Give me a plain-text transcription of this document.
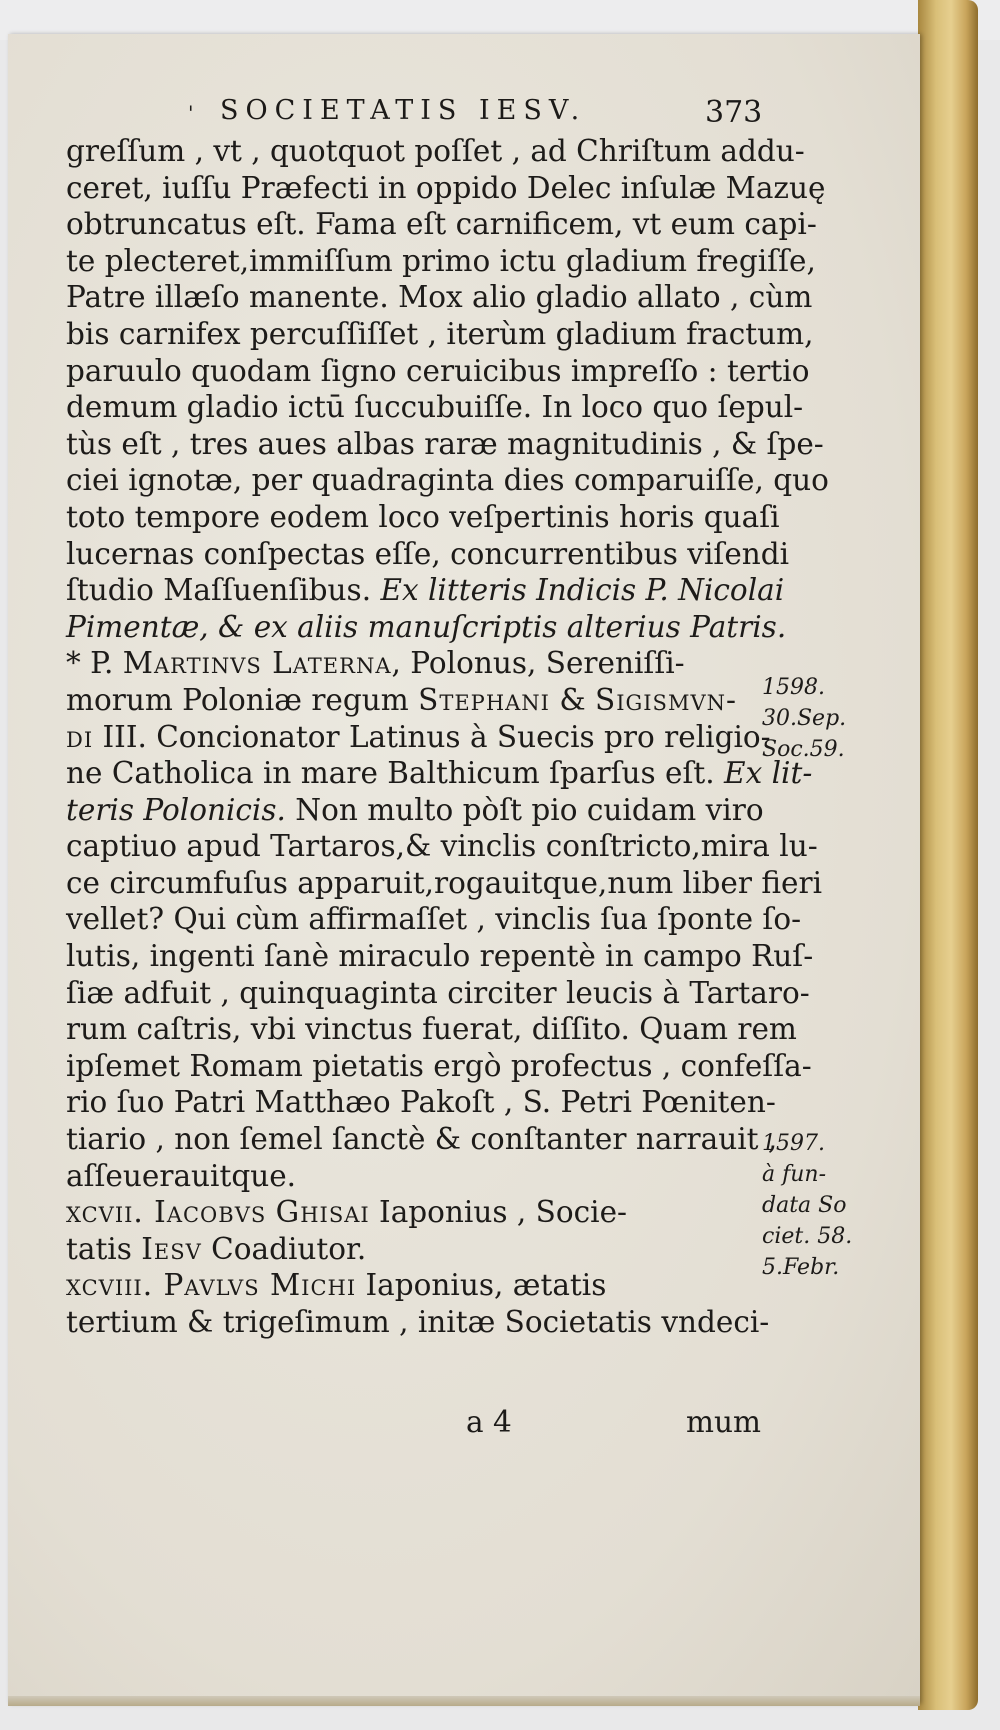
' SOCIETATIS IESV.	373
greſſum , vt , quotquot poſſet , ad Chriſtum addu-
ceret, iuſſu Præfecti in oppido Delec inſulæ Mazuę
obtruncatus eſt. Fama eſt carnificem, vt eum capi-
te plecteret,immiſſum primo ictu gladium fregiſſe,
Patre illæſo manente. Mox alio gladio allato , cùm
bis carnifex percuſſiſſet , iterùm gladium fractum,
paruulo quodam ſigno ceruicibus impreſſo : tertio
demum gladio ictū ſuccubuiſſe. In loco quo ſepul-
tùs eſt , tres aues albas raræ magnitudinis , & ſpe-
ciei ignotæ, per quadraginta dies comparuiſſe, quo
toto tempore eodem loco veſpertinis horis quaſi
lucernas conſpectas eſſe, concurrentibus viſendi
ſtudio Maſſuenſibus. Ex litteris Indicis P. Nicolai
Pimentæ, & ex aliis manuſcriptis alterius Patris.
* P. Martinvs Laterna, Polonus, Sereniſſi-
morum Poloniæ regum Stephani & Sigismvn-
di III. Concionator Latinus à Suecis pro religio-
ne Catholica in mare Balthicum ſparſus eſt. Ex lit-
teris Polonicis. Non multo pòſt pio cuidam viro
captiuo apud Tartaros,& vinclis conſtricto,mira lu-
ce circumfuſus apparuit,rogauitque,num liber fieri
vellet? Qui cùm affirmaſſet , vinclis ſua ſponte ſo-
lutis, ingenti ſanè miraculo repentè in campo Ruſ-
ſiæ adfuit , quinquaginta circiter leucis à Tartaro-
rum caſtris, vbi vinctus fuerat, diſſito. Quam rem
ipſemet Romam pietatis ergò profectus , confeſſa-
rio ſuo Patri Matthæo Pakoſt , S. Petri Pœniten-
tiario , non ſemel ſanctè & conſtanter narrauit ,
aſſeuerauitque.
xcvii. Iacobvs Ghisai Iaponius , Socie-
tatis Iesv Coadiutor.
xcviii. Pavlvs Michi Iaponius, ætatis
tertium & trigeſimum , initæ Societatis vndeci-
1598.
30.Sep.
Soc.59.
1597.
à fun-
data So
ciet. 58.
5.Febr.
a 4	mum
